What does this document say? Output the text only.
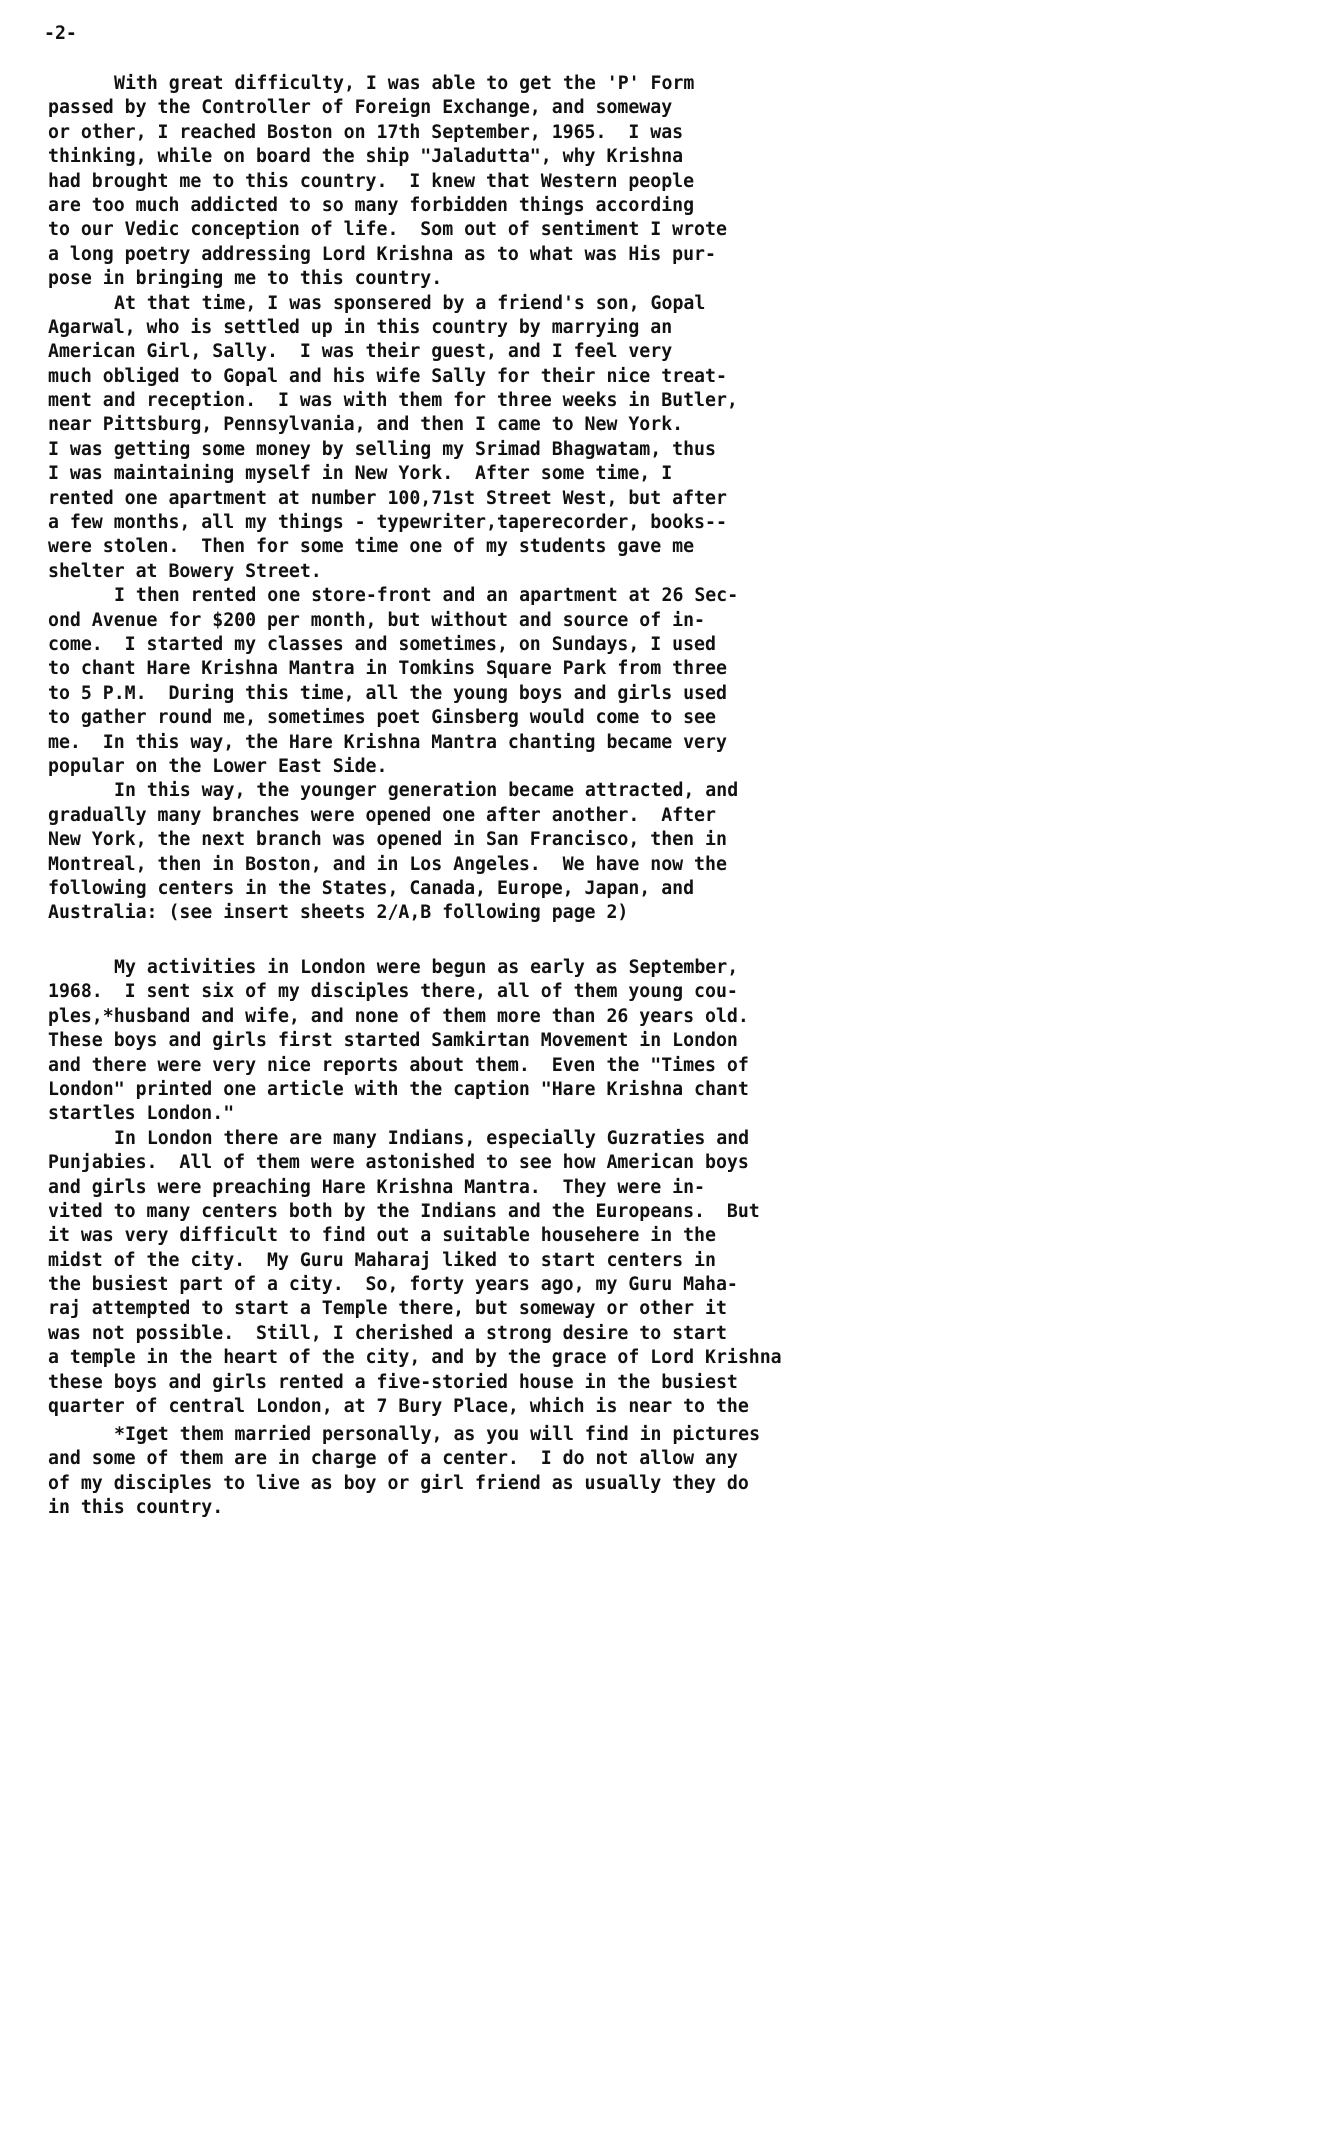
-2-
With great difficulty, I was able to get the 'P' Form
passed by the Controller of Foreign Exchange, and someway
or other, I reached Boston on 17th September, 1965.  I was
thinking, while on board the ship "Jaladutta", why Krishna
had brought me to this country.  I knew that Western people
are too much addicted to so many forbidden things according
to our Vedic conception of life.  Som out of sentiment I wrote
a long poetry addressing Lord Krishna as to what was His pur-
pose in bringing me to this country.
At that time, I was sponsered by a friend's son, Gopal
Agarwal, who is settled up in this country by marrying an
American Girl, Sally.  I was their guest, and I feel very
much obliged to Gopal and his wife Sally for their nice treat-
ment and reception.  I was with them for three weeks in Butler,
near Pittsburg, Pennsylvania, and then I came to New York.
I was getting some money by selling my Srimad Bhagwatam, thus
I was maintaining myself in New York.  After some time, I
rented one apartment at number 100,71st Street West, but after
a few months, all my things - typewriter,taperecorder, books--
were stolen.  Then for some time one of my students gave me
shelter at Bowery Street.
I then rented one store-front and an apartment at 26 Sec-
ond Avenue for $200 per month, but without and source of in-
come.  I started my classes and sometimes, on Sundays, I used
to chant Hare Krishna Mantra in Tomkins Square Park from three
to 5 P.M.  During this time, all the young boys and girls used
to gather round me, sometimes poet Ginsberg would come to see
me.  In this way, the Hare Krishna Mantra chanting became very
popular on the Lower East Side.
In this way, the younger generation became attracted, and
gradually many branches were opened one after another.  After
New York, the next branch was opened in San Francisco, then in
Montreal, then in Boston, and in Los Angeles.  We have now the
following centers in the States, Canada, Europe, Japan, and
Australia: (see insert sheets 2/A,B following page 2)
My activities in London were begun as early as September,
1968.  I sent six of my disciples there, all of them young cou-
ples,*husband and wife, and none of them more than 26 years old.
These boys and girls first started Samkirtan Movement in London
and there were very nice reports about them.  Even the "Times of
London" printed one article with the caption "Hare Krishna chant
startles London."
In London there are many Indians, especially Guzraties and
Punjabies.  All of them were astonished to see how American boys
and girls were preaching Hare Krishna Mantra.  They were in-
vited to many centers both by the Indians and the Europeans.  But
it was very difficult to find out a suitable househere in the
midst of the city.  My Guru Maharaj liked to start centers in
the busiest part of a city.  So, forty years ago, my Guru Maha-
raj attempted to start a Temple there, but someway or other it
was not possible.  Still, I cherished a strong desire to start
a temple in the heart of the city, and by the grace of Lord Krishna
these boys and girls rented a five-storied house in the busiest
quarter of central London, at 7 Bury Place, which is near to the
*Iget them married personally, as you will find in pictures
and some of them are in charge of a center.  I do not allow any
of my disciples to live as boy or girl friend as usually they do
in this country.
